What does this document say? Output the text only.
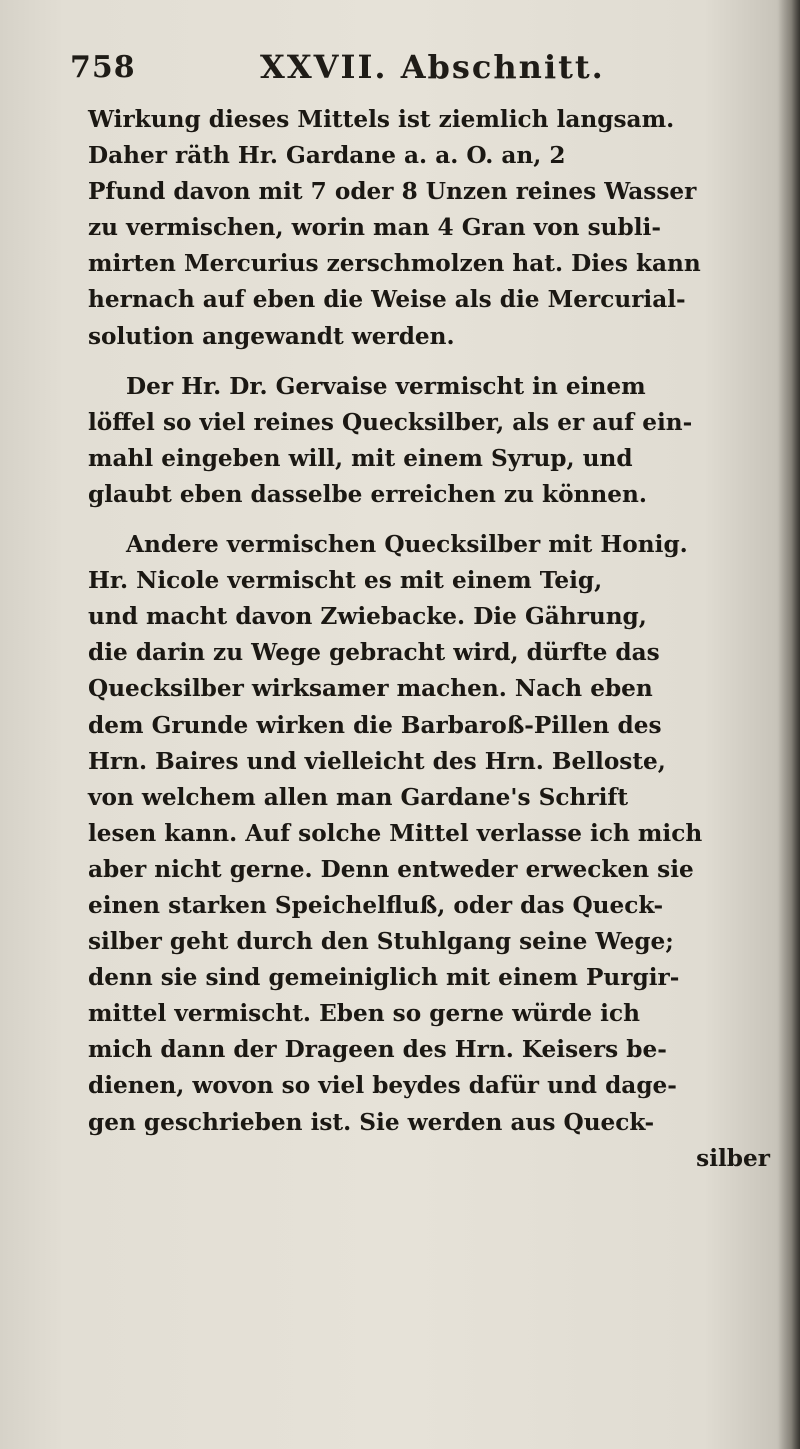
758	XXVII. Abschnitt.
Wirkung dieses Mittels ist ziemlich langsam.
Daher räth Hr. Gardane a. a. O. an, 2
Pfund davon mit 7 oder 8 Unzen reines Wasser
zu vermischen, worin man 4 Gran von subli-
mirten Mercurius zerschmolzen hat. Dies kann
hernach auf eben die Weise als die Mercurial-
solution angewandt werden.
Der Hr. Dr. Gervaise vermischt in einem
löffel so viel reines Quecksilber, als er auf ein-
mahl eingeben will, mit einem Syrup, und
glaubt eben dasselbe erreichen zu können.
Andere vermischen Quecksilber mit Honig.
Hr. Nicole vermischt es mit einem Teig,
und macht davon Zwiebacke. Die Gährung,
die darin zu Wege gebracht wird, dürfte das
Quecksilber wirksamer machen. Nach eben
dem Grunde wirken die Barbaroß-Pillen des
Hrn. Baires und vielleicht des Hrn. Belloste,
von welchem allen man Gardane's Schrift
lesen kann. Auf solche Mittel verlasse ich mich
aber nicht gerne. Denn entweder erwecken sie
einen starken Speichelfluß, oder das Queck-
silber geht durch den Stuhlgang seine Wege;
denn sie sind gemeiniglich mit einem Purgir-
mittel vermischt. Eben so gerne würde ich
mich dann der Drageen des Hrn. Keisers be-
dienen, wovon so viel beydes dafür und dage-
gen geschrieben ist. Sie werden aus Queck-
silber
